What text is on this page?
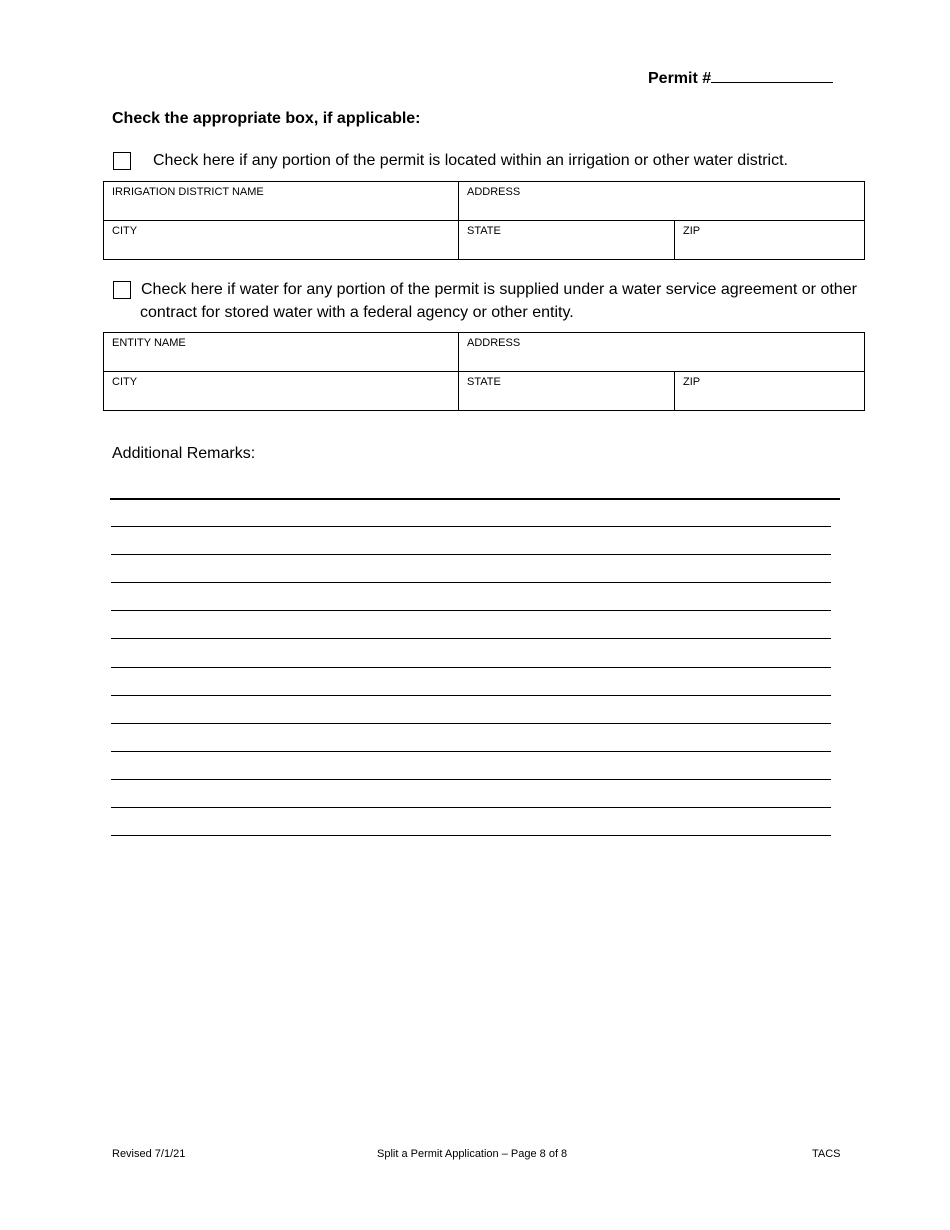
Permit #
Check the appropriate box, if applicable:
Check here if any portion of the permit is located within an irrigation or other water district.
IRRIGATION DISTRICT NAME	ADDRESS	
CITY	STATE	ZIP
Check here if water for any portion of the permit is supplied under a water service agreement or other contract for stored water with a federal agency or other entity.
ENTITY NAME	ADDRESS	
CITY	STATE	ZIP
Additional Remarks:
Revised 7/1/21	Split a Permit Application – Page 8 of 8	TACS
